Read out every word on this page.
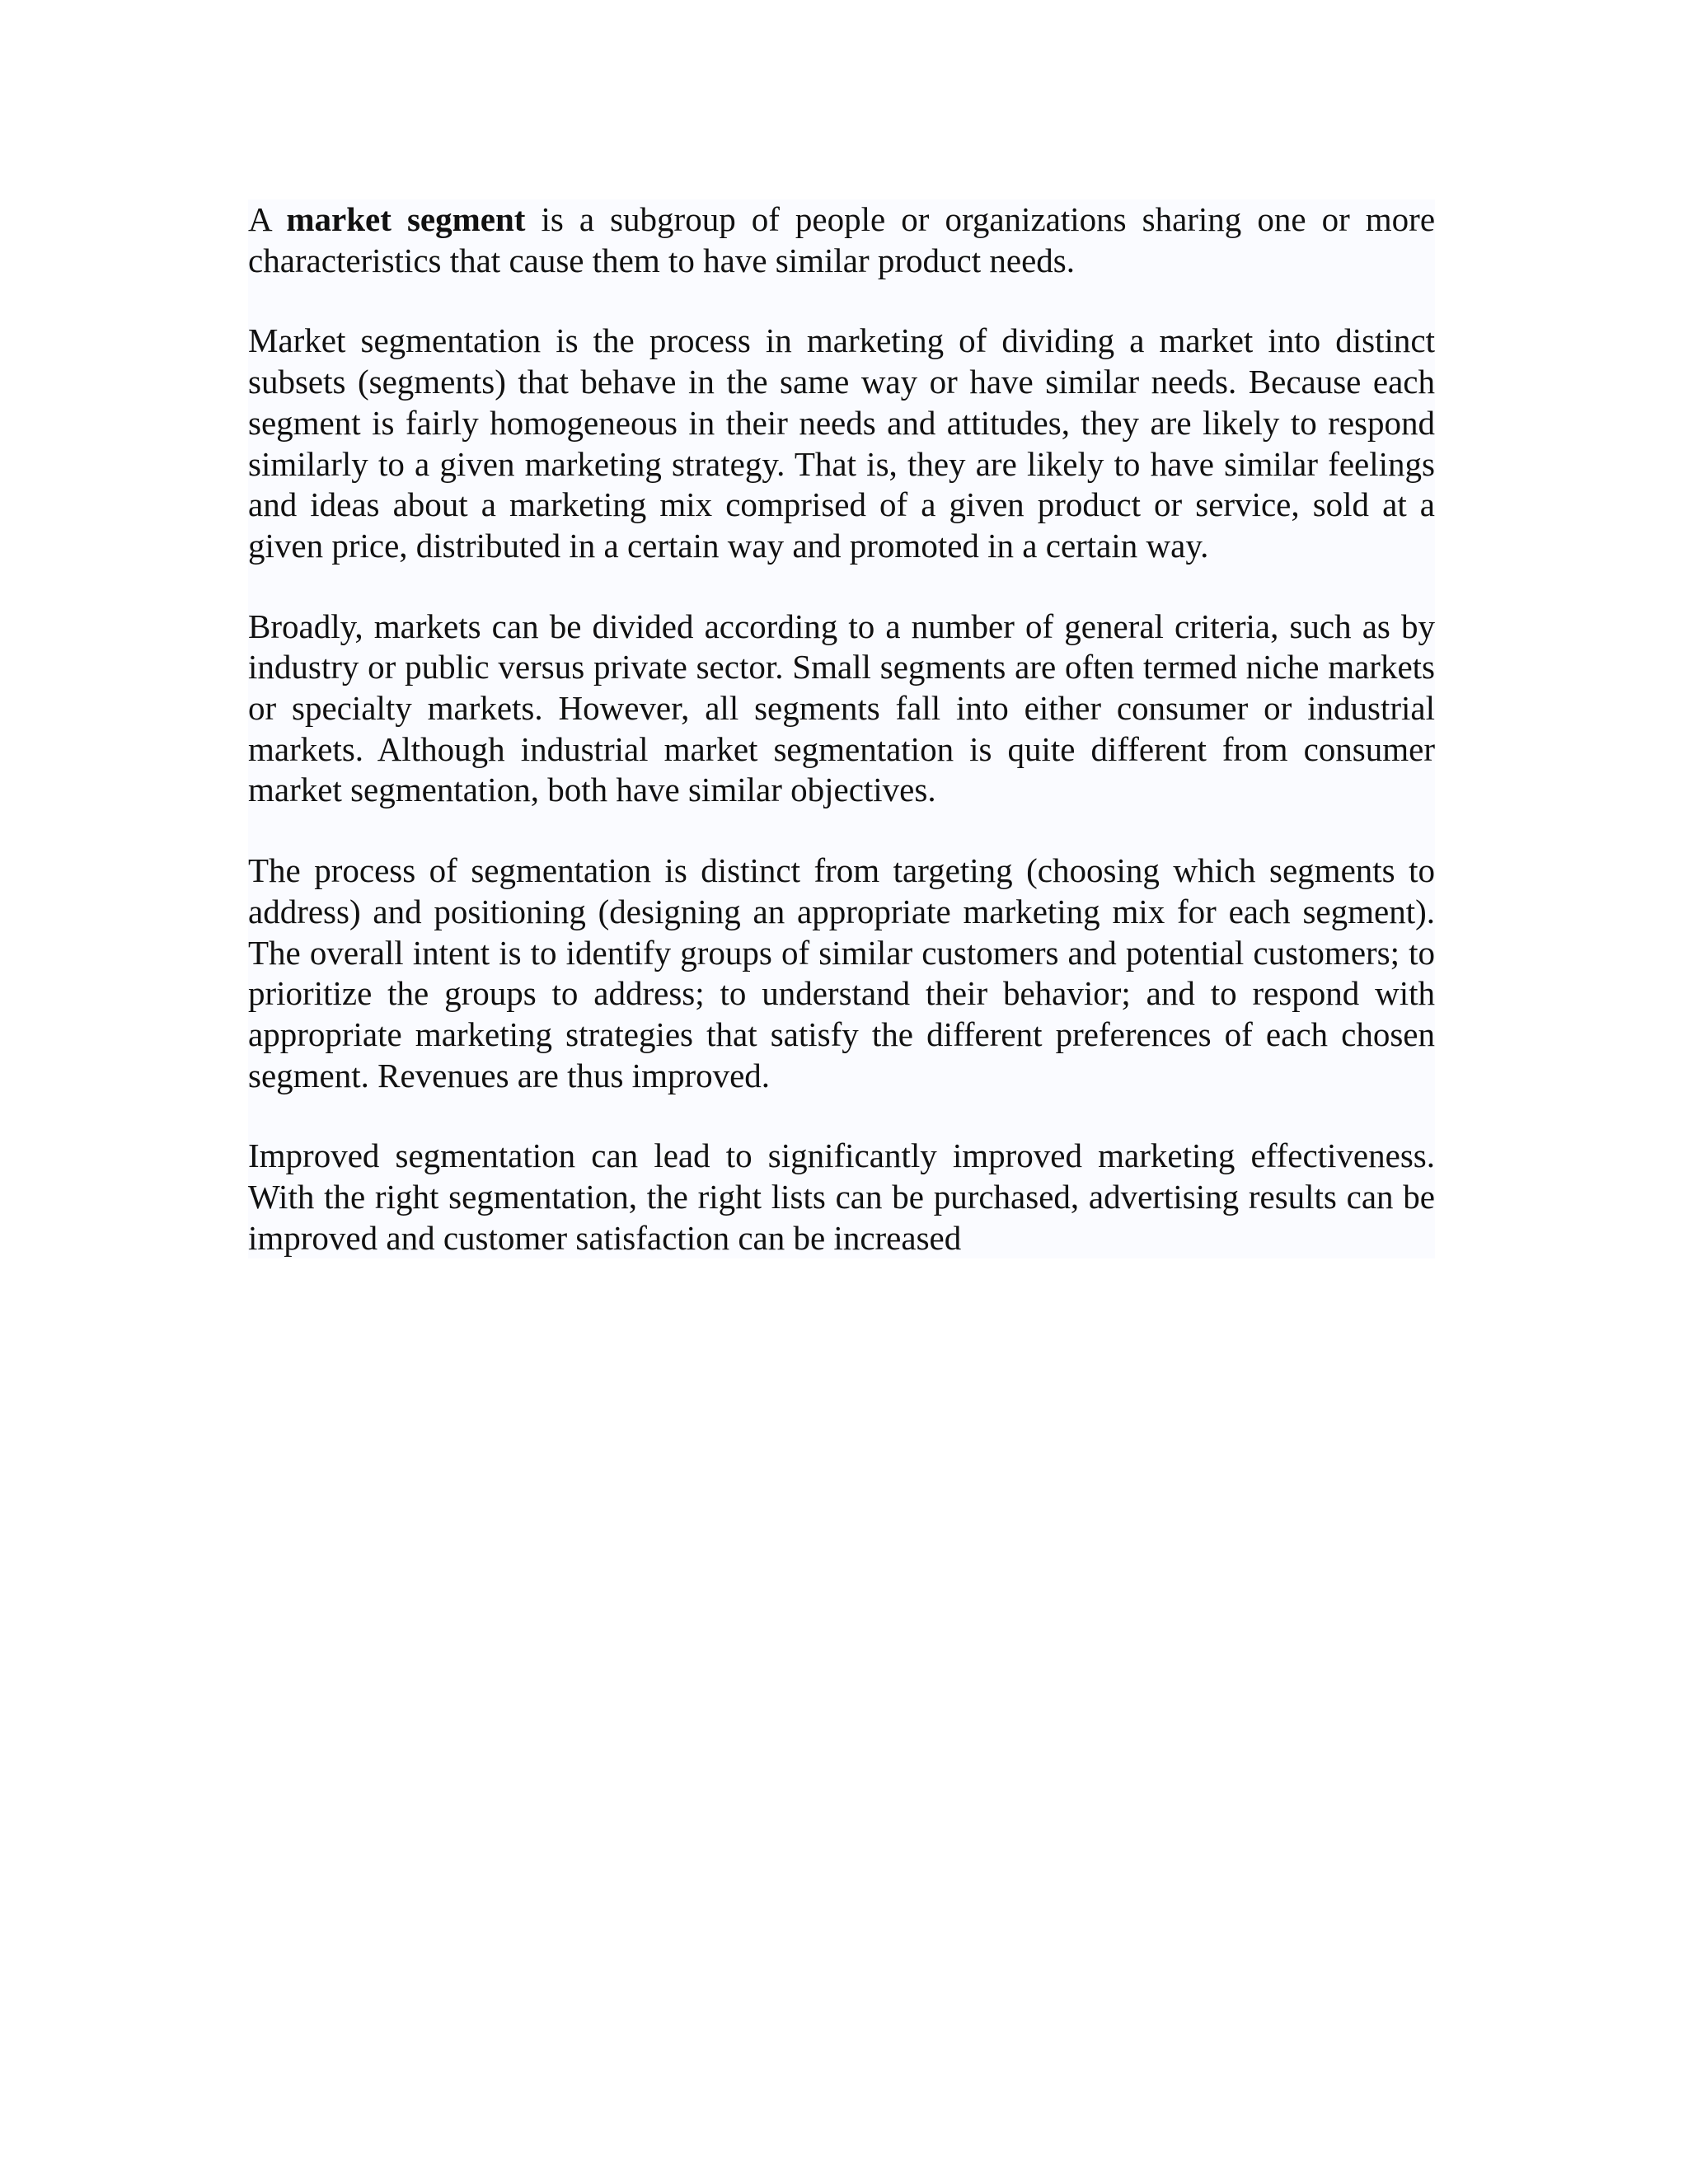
A market segment is a subgroup of people or organizations sharing one or more characteristics that cause them to have similar product needs.

Market segmentation is the process in marketing of dividing a market into distinct subsets (segments) that behave in the same way or have similar needs. Because each segment is fairly homogeneous in their needs and attitudes, they are likely to respond similarly to a given marketing strategy. That is, they are likely to have similar feelings and ideas about a marketing mix comprised of a given product or service, sold at a given price, distributed in a certain way and promoted in a certain way.

Broadly, markets can be divided according to a number of general criteria, such as by industry or public versus private sector. Small segments are often termed niche markets or specialty markets. However, all segments fall into either consumer or industrial markets. Although industrial market segmentation is quite different from consumer market segmentation, both have similar objectives.

The process of segmentation is distinct from targeting (choosing which segments to address) and positioning (designing an appropriate marketing mix for each segment). The overall intent is to identify groups of similar customers and potential customers; to prioritize the groups to address; to understand their behavior; and to respond with appropriate marketing strategies that satisfy the different preferences of each chosen segment. Revenues are thus improved.

Improved segmentation can lead to significantly improved marketing effectiveness. With the right segmentation, the right lists can be purchased, advertising results can be improved and customer satisfaction can be increased
